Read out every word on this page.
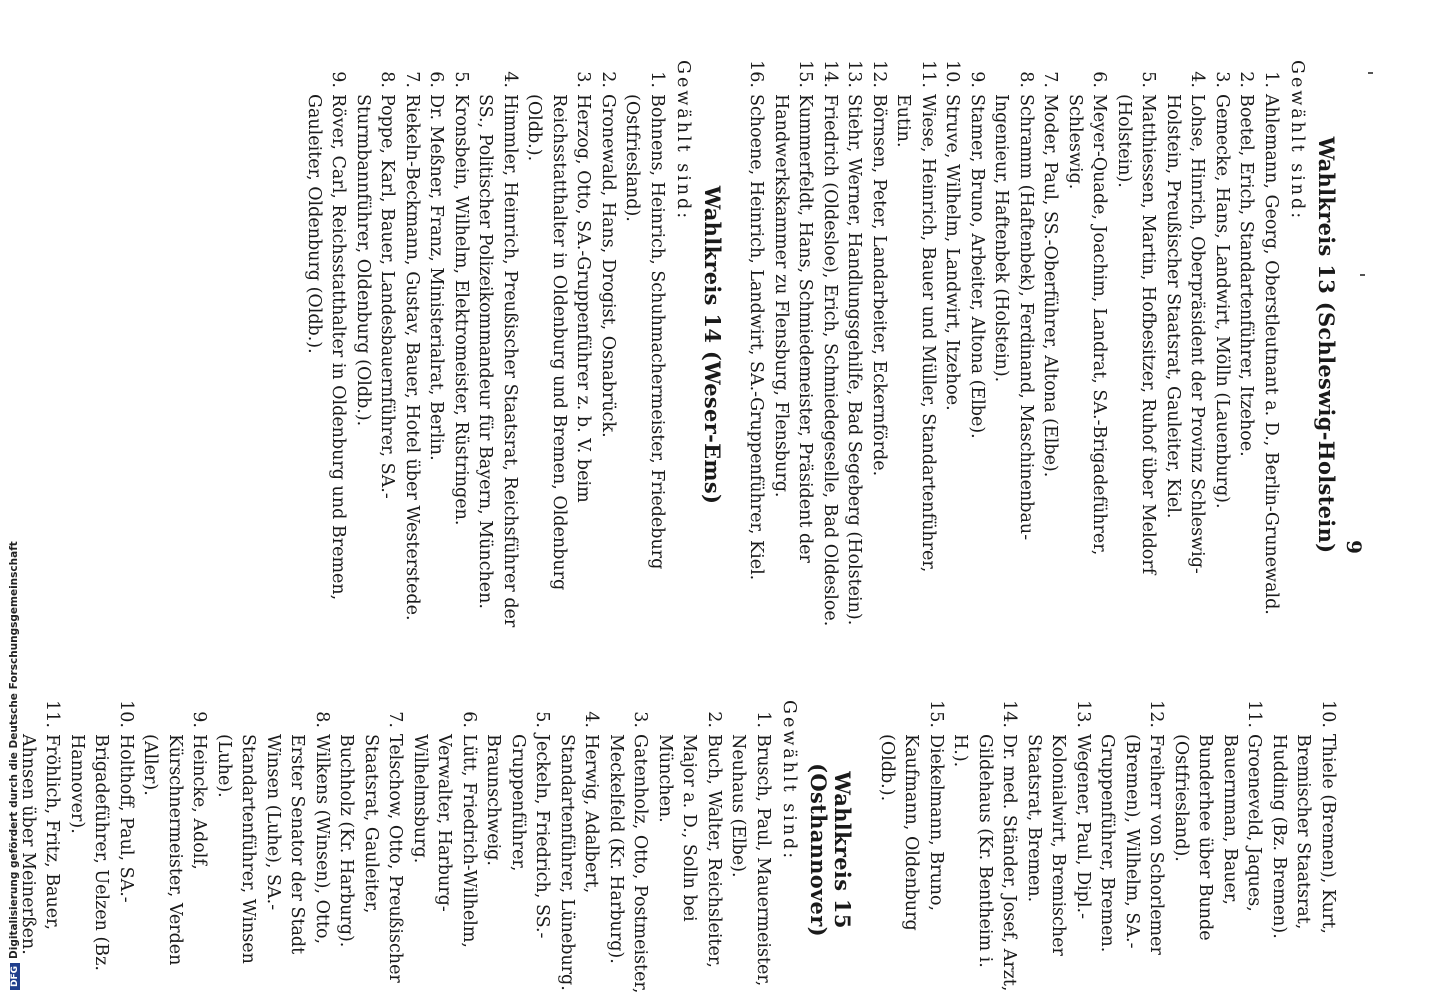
9
Wahlkreis 13 (Schleswig-Holstein)
Gewählt sind:
1.
Ahlemann, Georg, Oberstleutnant a. D., Berlin-Grunewald.
2.
Boetel, Erich, Standartenführer, Itzehoe.
3.
Gemecke, Hans, Landwirt, Mölln (Lauenburg).
4.
Lohse, Hinrich, Oberpräsident der Provinz Schleswig-Holstein, Preußischer Staatsrat, Gauleiter, Kiel.
5.
Matthiessen, Martin, Hofbesitzer, Ruhof über Meldorf (Holstein).
6.
Meyer-Quade, Joachim, Landrat, SA.-Brigadeführer, Schleswig.
7.
Moder, Paul, SS.-Oberführer, Altona (Elbe).
8.
Schramm (Haftenbek), Ferdinand, Maschinenbau-Ingenieur, Haftenbek (Holstein).
9.
Stamer, Bruno, Arbeiter, Altona (Elbe).
10.
Struve, Wilhelm, Landwirt, Itzehoe.
11.
Wiese, Heinrich, Bauer und Müller, Standartenführer, Eutin.
12.
Börnsen, Peter, Landarbeiter, Eckernförde.
13.
Stiehr, Werner, Handlungsgehilfe, Bad Segeberg (Holstein).
14.
Friedrich (Oldesloe), Erich, Schmiedegeselle, Bad Oldesloe.
15.
Kummerfeldt, Hans, Schmiedemeister, Präsident der Handwerkskammer zu Flensburg, Flensburg.
16.
Schoene, Heinrich, Landwirt, SA.-Gruppenführer, Kiel.
Wahlkreis 14 (Weser-Ems)
Gewählt sind:
1.
Bohnens, Heinrich, Schuhmachermeister, Friedeburg (Ostfriesland).
2.
Gronewald, Hans, Drogist, Osnabrück.
3.
Herzog, Otto, SA.-Gruppenführer z. b. V. beim Reichsstatthalter in Oldenburg und Bremen, Oldenburg (Oldb.).
4.
Himmler, Heinrich, Preußischer Staatsrat, Reichsführer der SS., Politischer Polizeikommandeur für Bayern, München.
5.
Kronsbein, Wilhelm, Elektromeister, Rüstringen.
6.
Dr. Meßner, Franz, Ministerialrat, Berlin.
7.
Riekeln-Beckmann, Gustav, Bauer, Hotel über Westerstede.
8.
Poppe, Karl, Bauer, Landesbauernführer, SA.-Sturmbannführer, Oldenburg (Oldb.).
9.
Röver, Carl, Reichsstatthalter in Oldenburg und Bremen, Gauleiter, Oldenburg (Oldb.).
10.
Thiele (Bremen), Kurt, Bremischer Staatsrat, Hudding (Bz. Bremen).
11.
Groeneveld, Jaques, Bauernman, Bauer, Bunderhee über Bunde (Ostfriesland).
12.
Freiherr von Schorlemer (Bremen), Wilhelm, SA.-Gruppenführer, Bremen.
13.
Wegener, Paul, Dipl.-Kolonialwirt, Bremischer Staatsrat, Bremen.
14.
Dr. med. Ständer, Josef, Arzt, Gildehaus (Kr. Bentheim i. H.).
15.
Diekelmann, Bruno, Kaufmann, Oldenburg (Oldb.).
Wahlkreis 15 (Osthannover)
Gewählt sind:
1.
Brusch, Paul, Mauermeister, Neuhaus (Elbe).
2.
Buch, Walter, Reichsleiter, Major a. D., Solln bei München.
3.
Gatenholz, Otto, Postmeister, Meckelfeld (Kr. Harburg).
4.
Herwig, Adalbert, Standartenführer, Lüneburg.
5.
Jeckeln, Friedrich, SS.-Gruppenführer, Braunschweig.
6.
Lütt, Friedrich-Wilhelm, Verwalter, Harburg-Wilhelmsburg.
7.
Telschow, Otto, Preußischer Staatsrat, Gauleiter, Buchholz (Kr. Harburg).
8.
Wilkens (Winsen), Otto, Erster Senator der Stadt Winsen (Luhe), SA.-Standartenführer, Winsen (Luhe).
9.
Heincke, Adolf, Kürschnermeister, Verden (Aller).
10.
Holthoff, Paul, SA.-Brigadeführer, Uelzen (Bz. Hannover).
11.
Fröhlich, Fritz, Bauer, Ahnsen über Meinerßen.
DFGDigitalisierung gefördert durch die Deutsche Forschungsgemeinschaft
